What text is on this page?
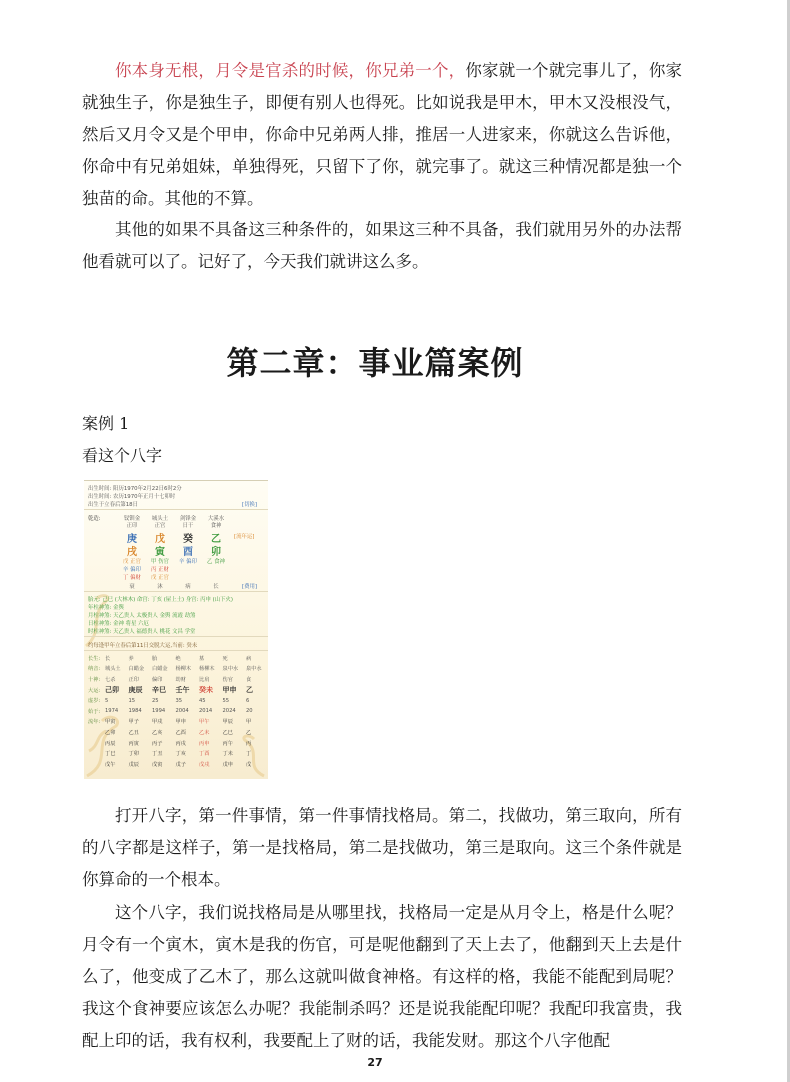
你本身无根，月令是官杀的时候，你兄弟一个，你家就一个就完事儿了，你家就独生子，你是独生子，即便有别人也得死。比如说我是甲木，甲木又没根没气，然后又月令又是个甲申，你命中兄弟两人排，推居一人进家来，你就这么告诉他，你命中有兄弟姐妹，单独得死，只留下了你，就完事了。就这三种情况都是独一个独苗的命。其他的不算。

其他的如果不具备这三种条件的，如果这三种不具备，我们就用另外的办法帮他看就可以了。记好了，今天我们就讲这么多。

第二章：事业篇案例

案例 1

看这个八字

出生时间: 阳历1970年2月22日6时2分
出生时间: 农历1970年正月十七卯时
出生于立春后第18日	[切换]
乾造:	钗钏金	城头土	剑锋金	大溪水
正印	正官	日干	食神
庚	戊	癸	乙	[流年运]
戌	寅	酉	卯
戊 正官	甲 伤官	辛 偏印	乙 食神
辛 偏印	丙 正财
丁 偏财	戊 正官
衰	沐	病	长	[费用]
胎元: 己巳 (大林木) 命宫: 丁亥 (屋上土) 身宫: 丙申 (山下火)
年柱神煞: 金舆
月柱神煞: 天乙贵人 太极贵人 金舆 流霞 劫煞
日柱神煞: 金神 将星 六厄
时柱神煞: 天乙贵人 福德贵人 桃花 文昌 学堂
约每逢甲年立春后第11日交脱大运,当前: 癸未
长生: 长	养	胎	绝	墓	死	病
纳音: 城头土	白蜡金	白蜡金	杨柳木	杨柳木	泉中水	泉中水
十神: 七杀	正印	偏印	劫财	比肩	伤官	食
大运: 己卯	庚辰	辛巳	壬午	癸未	甲申	乙
虚岁: 5	15	25	35	45	55	6
始于: 1974	1984	1994	2004	2014	2024	20
流年: 甲寅	甲子	甲戌	甲申	甲午	甲辰	甲
乙卯	乙丑	乙亥	乙酉	乙未	乙巳	乙
丙辰	丙寅	丙子	丙戌	丙申	丙午	丙
丁巳	丁卯	丁丑	丁亥	丁酉	丁未	丁
戊午	戊辰	戊寅	戊子	戊戌	戊申	戊

打开八字，第一件事情，第一件事情找格局。第二，找做功，第三取向，所有的八字都是这样子，第一是找格局，第二是找做功，第三是取向。这三个条件就是你算命的一个根本。

这个八字，我们说找格局是从哪里找，找格局一定是从月令上，格是什么呢？月令有一个寅木，寅木是我的伤官，可是呢他翻到了天上去了，他翻到天上去是什么了，他变成了乙木了，那么这就叫做食神格。有这样的格，我能不能配到局呢？我这个食神要应该怎么办呢？我能制杀吗？还是说我能配印呢？我配印我富贵，我配上印的话，我有权利，我要配上了财的话，我能发财。那这个八字他配

27
